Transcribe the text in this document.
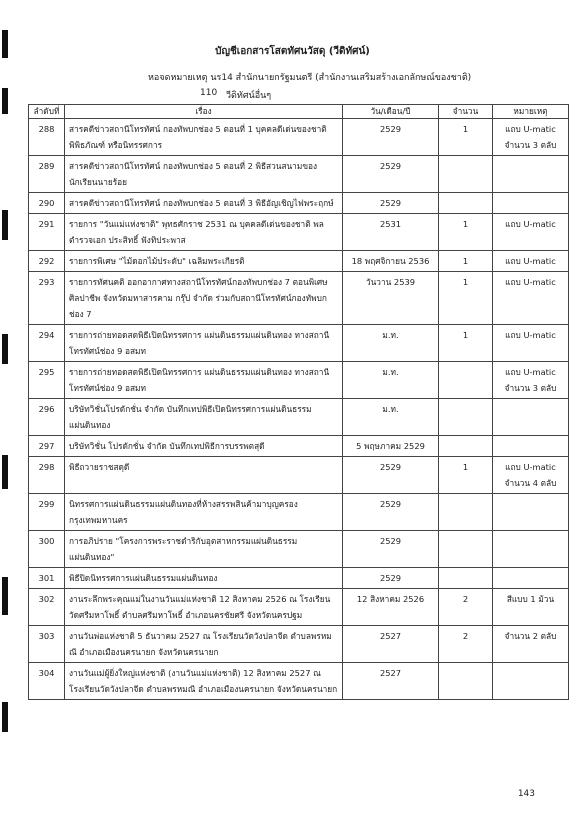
บัญชีเอกสารโสตทัศนวัสดุ (วีดิทัศน์)
หอจดหมายเหตุ นร14 สำนักนายกรัฐมนตรี (สำนักงานเสริมสร้างเอกลักษณ์ของชาติ)
110 วีดิทัศน์อื่นๆ
ลำดับที่	เรื่อง	วัน/เดือน/ปี	จำนวน	หมายเหตุ
288	สารคดีข่าวสถานีโทรทัศน์ กองทัพบกช่อง 5 ตอนที่ 1 บุคคลดีเด่นของชาติ พิพิธภัณฑ์ หรือนิทรรศการ	2529	1	แถบ U-matic จำนวน 3 ตลับ
289	สารคดีข่าวสถานีโทรทัศน์ กองทัพบกช่อง 5 ตอนที่ 2 พิธีสวนสนามของนักเรียนนายร้อย	2529		
290	สารคดีข่าวสถานีโทรทัศน์ กองทัพบกช่อง 5 ตอนที่ 3 พิธีอัญเชิญไฟพระฤกษ์	2529		
291	รายการ "วันแม่แห่งชาติ" พุทธศักราช 2531 ณ บุคคลดีเด่นของชาติ พลตำรวจเอก ประสิทธิ์ ฟังทิประพาส	2531	1	แถบ U-matic
292	รายการพิเศษ "ไม้ดอกไม้ประดับ" เฉลิมพระเกียรติ	18 พฤศจิกายน 2536	1	แถบ U-matic
293	รายการทัศนคติ ออกอากาศทางสถานีโทรทัศน์กองทัพบกช่อง 7 ตอนพิเศษ ศิลปาชีพ จังหวัดมหาสารคาม กรุ๊ป จำกัด ร่วมกับสถานีโทรทัศน์กองทัพบกช่อง 7	วันวาน 2539	1	แถบ U-matic
294	รายการถ่ายทอดสดพิธีเปิดนิทรรศการ แผ่นดินธรรมแผ่นดินทอง ทางสถานีโทรทัศน์ช่อง 9 อสมท	ม.ท.	1	แถบ U-matic
295	รายการถ่ายทอดสดพิธีเปิดนิทรรศการ แผ่นดินธรรมแผ่นดินทอง ทางสถานีโทรทัศน์ช่อง 9 อสมท	ม.ท.		แถบ U-matic จำนวน 3 ตลับ
296	บริษัทวิชั่นโปรดักชั่น จำกัด บันทึกเทปพิธีเปิดนิทรรศการแผ่นดินธรรมแผ่นดินทอง	ม.ท.		
297	บริษัทวิชั่น โปรดักชั่น จำกัด บันทึกเทปพิธีการบรรพตสุดี	5 พฤษภาคม 2529		
298	พิธีถวายราชสดุดี	2529	1	แถบ U-matic จำนวน 4 ตลับ
299	นิทรรศการแผ่นดินธรรมแผ่นดินทองที่ห้างสรรพสินค้ามาบุญครอง กรุงเทพมหานคร	2529		
300	การอภิปราย "โครงการพระราชดำริกับอุตสาหกรรมแผ่นดินธรรมแผ่นดินทอง"	2529		
301	พิธีปิดนิทรรศการแผ่นดินธรรมแผ่นดินทอง	2529		
302	งานระลึกพระคุณแม่ในงานวันแม่แห่งชาติ 12 สิงหาคม 2526 ณ โรงเรียนวัดศรีมหาโพธิ์ ตำบลศรีมหาโพธิ์ อำเภอนครชัยศรี จังหวัดนครปฐม	12 สิงหาคม 2526	2	สีแบบ 1 ม้วน
303	งานวันพ่อแห่งชาติ 5 ธันวาคม 2527 ณ โรงเรียนวัดวังปลาจีด ตำบลพรหมณี อำเภอเมืองนครนายก จังหวัดนครนายก	2527	2	จำนวน 2 ตลับ
304	งานวันแม่ผู้ยิ่งใหญ่แห่งชาติ (งานวันแม่แห่งชาติ) 12 สิงหาคม 2527 ณ โรงเรียนวัดวังปลาจีด ตำบลพรหมณี อำเภอเมืองนครนายก จังหวัดนครนายก	2527		
143
